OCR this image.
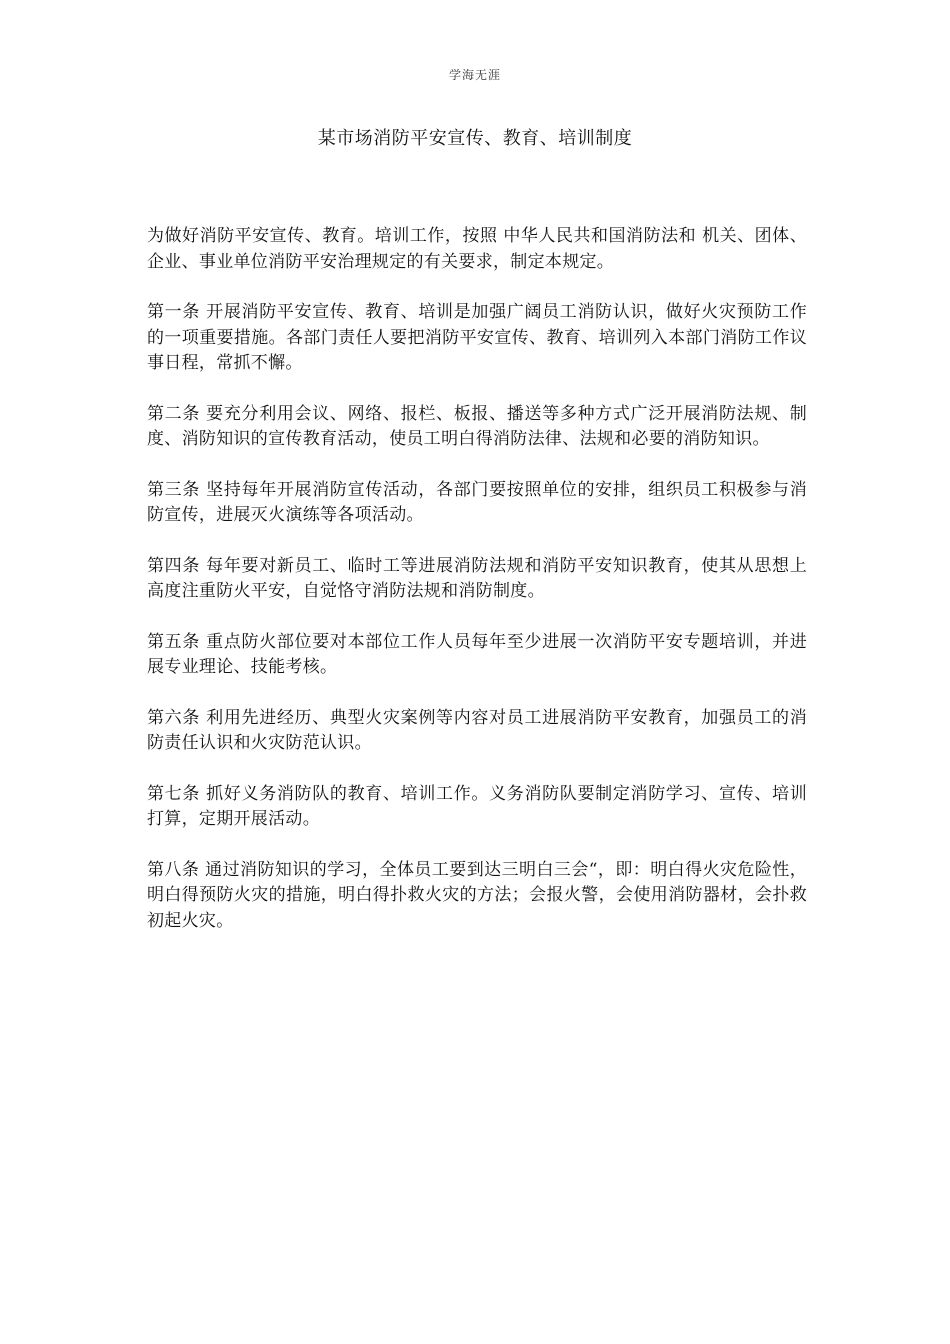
学海无涯
某市场消防平安宣传、教育、培训制度

为做好消防平安宣传、教育。培训工作，按照 中华人民共和国消防法和 机关、团体、企业、事业单位消防平安治理规定的有关要求，制定本规定。

第一条 开展消防平安宣传、教育、培训是加强广阔员工消防认识，做好火灾预防工作的一项重要措施。各部门责任人要把消防平安宣传、教育、培训列入本部门消防工作议事日程，常抓不懈。

第二条 要充分利用会议、网络、报栏、板报、播送等多种方式广泛开展消防法规、制度、消防知识的宣传教育活动，使员工明白得消防法律、法规和必要的消防知识。

第三条 坚持每年开展消防宣传活动，各部门要按照单位的安排，组织员工积极参与消防宣传，进展灭火演练等各项活动。

第四条 每年要对新员工、临时工等进展消防法规和消防平安知识教育，使其从思想上高度注重防火平安，自觉恪守消防法规和消防制度。

第五条 重点防火部位要对本部位工作人员每年至少进展一次消防平安专题培训，并进展专业理论、技能考核。

第六条 利用先进经历、典型火灾案例等内容对员工进展消防平安教育，加强员工的消防责任认识和火灾防范认识。

第七条 抓好义务消防队的教育、培训工作。义务消防队要制定消防学习、宣传、培训打算，定期开展活动。

第八条 通过消防知识的学习，全体员工要到达三明白三会“，即：明白得火灾危险性，明白得预防火灾的措施，明白得扑救火灾的方法；会报火警，会使用消防器材，会扑救初起火灾。
